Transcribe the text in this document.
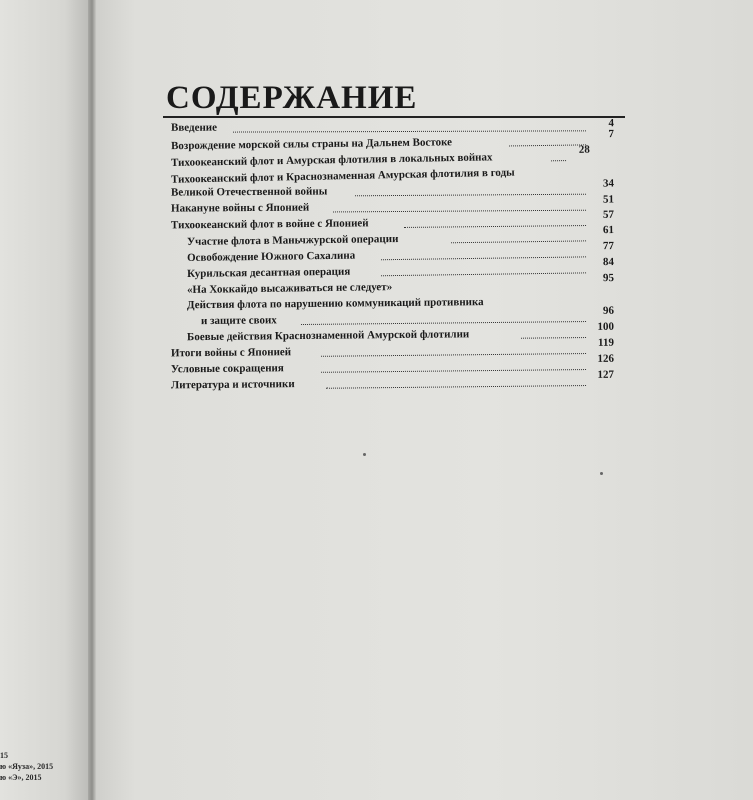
15
ю «Яуза», 2015
ю «Э», 2015
СОДЕРЖАНИЕ
Введение	4
Возрождение морской силы страны на Дальнем Востоке
7
Тихоокеанский флот и Амурская флотилия в локальных войнах
28
Тихоокеанский флот и Краснознаменная Амурская флотилия в годы
Великой Отечественной войны
34
Накануне войны с Японией
51
Тихоокеанский флот в войне с Японией
57
Участие флота в Маньчжурской операции
61
Освобождение Южного Сахалина
77
Курильская десантная операция
84
«На Хоккайдо высаживаться не следует»
95
Действия флота по нарушению коммуникаций противника
и защите своих
96
Боевые действия Краснознаменной Амурской флотилии
100
Итоги войны с Японией
119
Условные сокращения
126
Литература и источники
127
